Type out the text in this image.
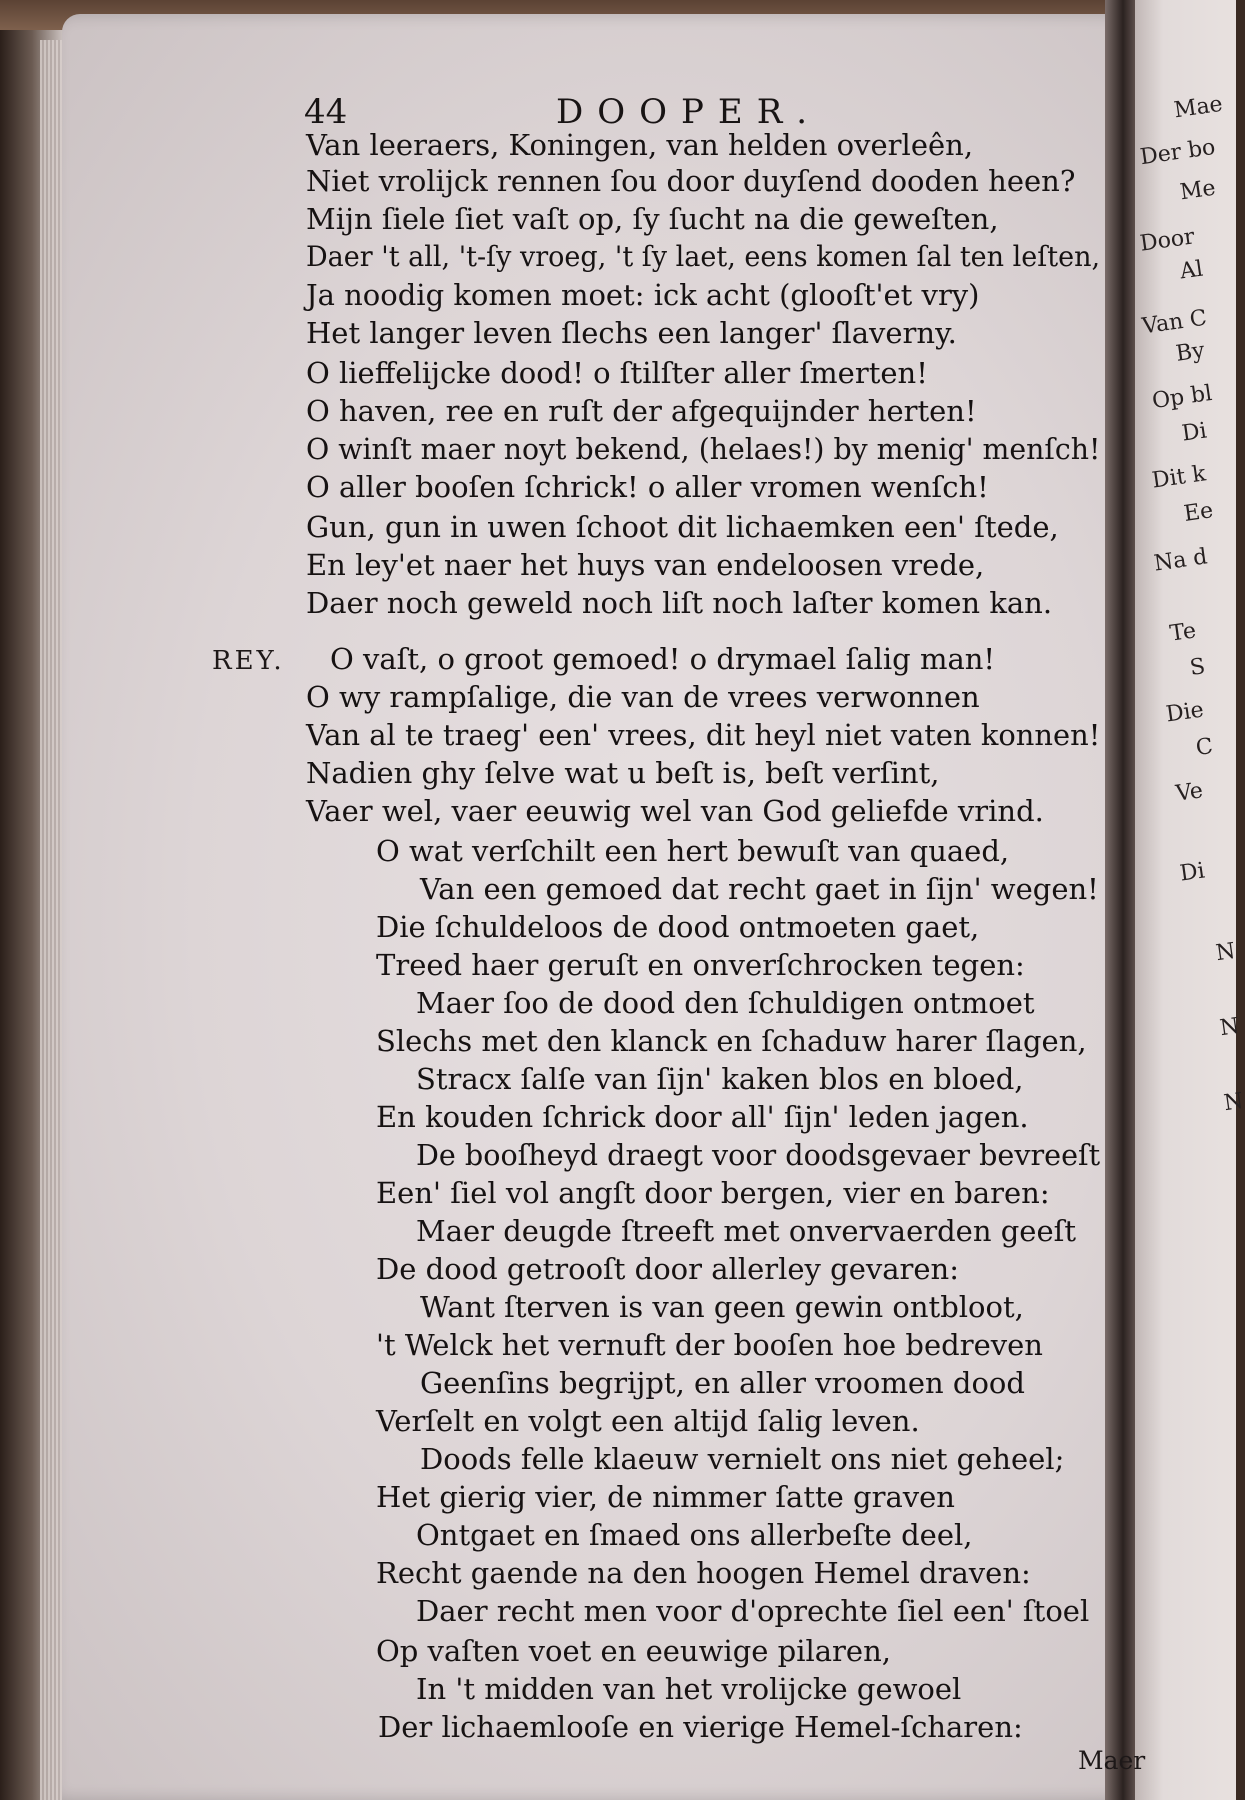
Mae
Der bo
Me
Door
Al
Van C
By
Op bl
Di
Dit k
Ee
Na d
Te
S
Die
C
Ve
Di
N
N
N
44	DOOPER.
REY.
Van leeraers, Koningen, van helden overleên,
Niet vrolijck rennen ſou door duyſend dooden heen?
Mijn ſiele ſiet vaſt op, ſy ſucht na die geweſten,
Daer 't all, 't-ſy vroeg, 't ſy laet, eens komen ſal ten leſten,
Ja noodig komen moet: ick acht (glooſt'et vry)
Het langer leven ſlechs een langer' ſlaverny.
O lieffelijcke dood! o ſtilſter aller ſmerten!
O haven, ree en ruſt der afgequijnder herten!
O winſt maer noyt bekend, (helaes!) by menig' menſch!
O aller booſen ſchrick! o aller vromen wenſch!
Gun, gun in uwen ſchoot dit lichaemken een' ſtede,
En ley'et naer het huys van endeloosen vrede,
Daer noch geweld noch liſt noch laſter komen kan.
O vaſt, o groot gemoed! o drymael ſalig man!
O wy rampſalige, die van de vrees verwonnen
Van al te traeg' een' vrees, dit heyl niet vaten konnen!
Nadien ghy ſelve wat u beſt is, beſt verſint,
Vaer wel, vaer eeuwig wel van God geliefde vrind.
O wat verſchilt een hert bewuſt van quaed,
Van een gemoed dat recht gaet in ſijn' wegen!
Die ſchuldeloos de dood ontmoeten gaet,
Treed haer geruſt en onverſchrocken tegen:
Maer ſoo de dood den ſchuldigen ontmoet
Slechs met den klanck en ſchaduw harer ſlagen,
Stracx ſalſe van ſijn' kaken blos en bloed,
En kouden ſchrick door all' ſijn' leden jagen.
De booſheyd draegt voor doodsgevaer bevreeſt
Een' ſiel vol angſt door bergen, vier en baren:
Maer deugde ſtreeft met onvervaerden geeſt
De dood getrooſt door allerley gevaren:
Want ſterven is van geen gewin ontbloot,
't Welck het vernuft der booſen hoe bedreven
Geenſins begrijpt, en aller vroomen dood
Verſelt en volgt een altijd ſalig leven.
Doods felle klaeuw vernielt ons niet geheel;
Het gierig vier, de nimmer ſatte graven
Ontgaet en ſmaed ons allerbeſte deel,
Recht gaende na den hoogen Hemel draven:
Daer recht men voor d'oprechte ſiel een' ſtoel
Op vaſten voet en eeuwige pilaren,
In 't midden van het vrolijcke gewoel
Der lichaemlooſe en vierige Hemel-ſcharen:
Maer
